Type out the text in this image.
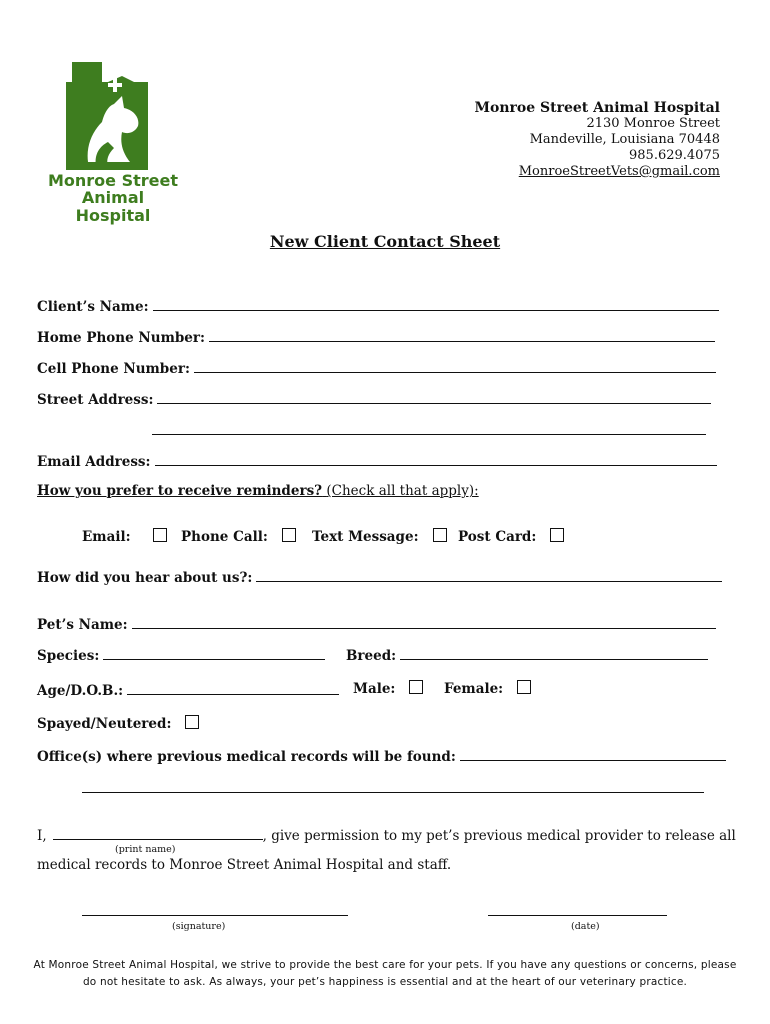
Monroe Street
Animal Hospital
Monroe Street Animal Hospital
2130 Monroe Street
Mandeville, Louisiana 70448
985.629.4075
MonroeStreetVets@gmail.com
New Client Contact Sheet
Client’s Name:
Home Phone Number:
Cell Phone Number:
Street Address:
Email Address:
How you prefer to receive reminders? (Check all that apply):
Email:	Phone Call:	Text Message:	Post Card:
How did you hear about us?:
Pet’s Name:
Species:	Breed:
Age/D.O.B.:	Male:	Female:
Spayed/Neutered:
Office(s) where previous medical records will be found:
I,	, give permission to my pet’s previous medical provider to release all
(print name)
medical records to Monroe Street Animal Hospital and staff.
(signature)	(date)
At Monroe Street Animal Hospital, we strive to provide the best care for your pets. If you have any questions or concerns, please
do not hesitate to ask. As always, your pet’s happiness is essential and at the heart of our veterinary practice.
